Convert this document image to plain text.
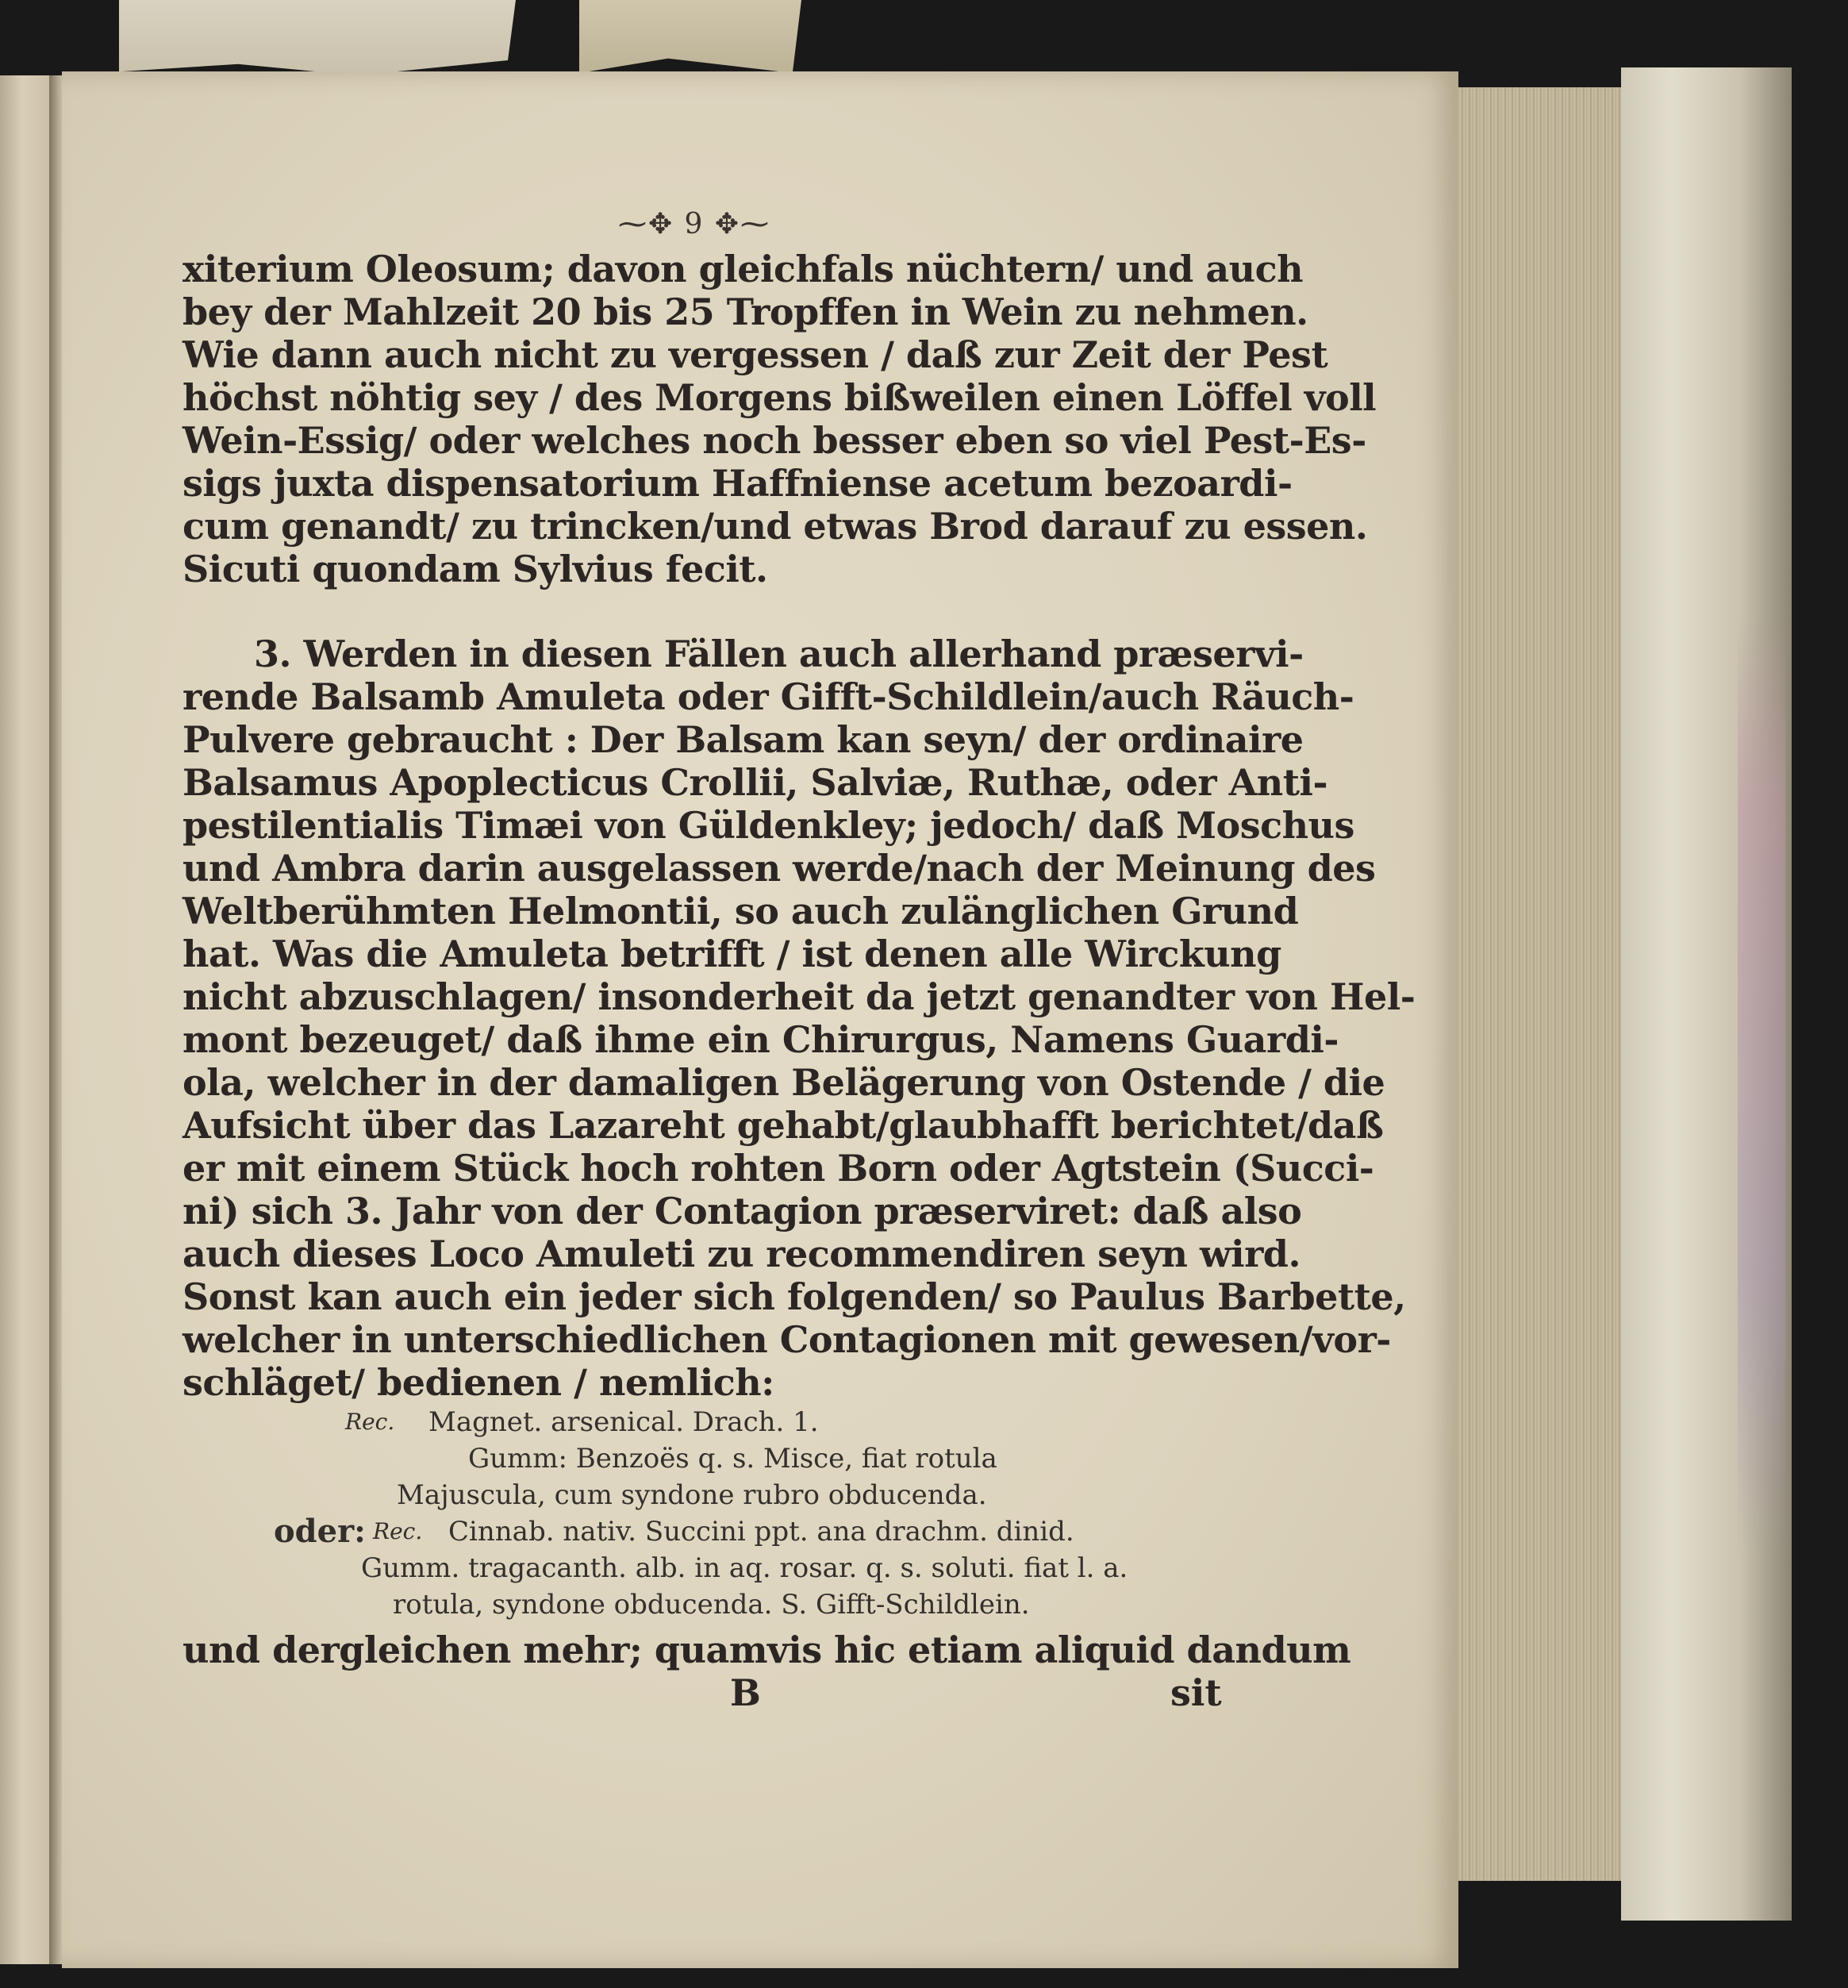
⁓✥ 9 ✥⁓
xiterium Oleosum; davon gleichfals nüchtern/ und auch
bey der Mahlzeit 20 bis 25 Tropffen in Wein zu nehmen.
Wie dann auch nicht zu vergessen / daß zur Zeit der Pest
höchst nöhtig sey / des Morgens bißweilen einen Löffel voll
Wein-Essig/ oder welches noch besser eben so viel Pest-Es-
sigs juxta dispensatorium Haffniense acetum bezoardi-
cum genandt/ zu trincken/und etwas Brod darauf zu essen.
Sicuti quondam Sylvius fecit.
3. Werden in diesen Fällen auch allerhand præservi-
rende Balsamb Amuleta oder Gifft-Schildlein/auch Räuch-
Pulvere gebraucht : Der Balsam kan seyn/ der ordinaire
Balsamus Apoplecticus Crollii, Salviæ, Ruthæ, oder Anti-
pestilentialis Timæi von Güldenkley; jedoch/ daß Moschus
und Ambra darin ausgelassen werde/nach der Meinung des
Weltberühmten Helmontii, so auch zulänglichen Grund
hat. Was die Amuleta betrifft / ist denen alle Wirckung
nicht abzuschlagen/ insonderheit da jetzt genandter von Hel-
mont bezeuget/ daß ihme ein Chirurgus, Namens Guardi-
ola, welcher in der damaligen Belägerung von Ostende / die
Aufsicht über das Lazareht gehabt/glaubhafft berichtet/daß
er mit einem Stück hoch rohten Born oder Agtstein (Succi-
ni) sich 3. Jahr von der Contagion præserviret: daß also
auch dieses Loco Amuleti zu recommendiren seyn wird.
Sonst kan auch ein jeder sich folgenden/ so Paulus Barbette,
welcher in unterschiedlichen Contagionen mit gewesen/vor-
schläget/ bedienen / nemlich:
Rec. Magnet. arsenical. Drach. 1.
Gumm: Benzoës q. s. Misce, fiat rotula
Majuscula, cum syndone rubro obducenda.
oder: Rec. Cinnab. nativ. Succini ppt. ana drachm. dinid.
Gumm. tragacanth. alb. in aq. rosar. q. s. soluti. fiat l. a.
rotula, syndone obducenda. S. Gifft-Schildlein.
und dergleichen mehr; quamvis hic etiam aliquid dandum
B	sit
